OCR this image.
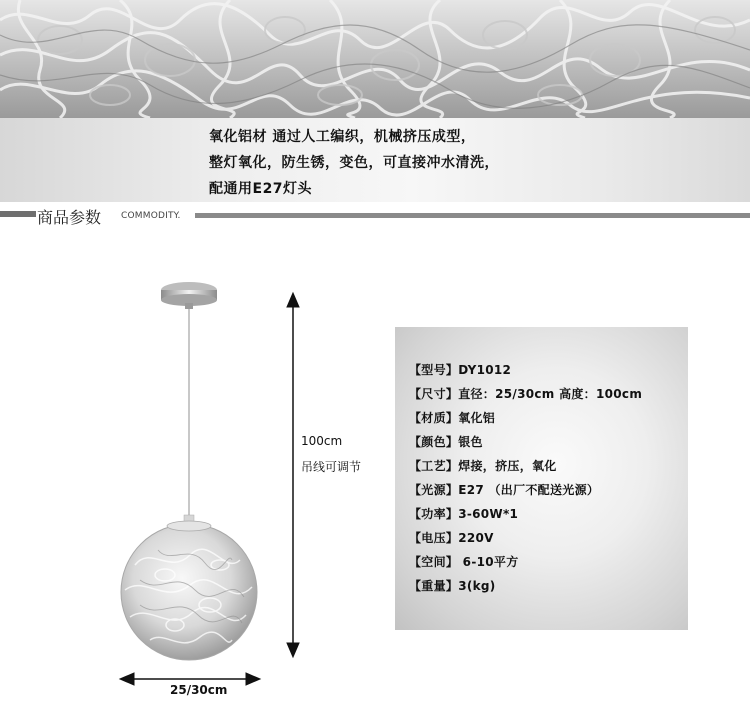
氧化铝材 通过人工编织，机械挤压成型，
整灯氧化，防生锈，变色，可直接冲水清洗，
配通用E27灯头
商品参数 COMMODITY.
100cm
吊线可调节
25/30cm
【型号】DY1012
【尺寸】直径：25/30cm 高度：100cm
【材质】氧化铝
【颜色】银色
【工艺】焊接，挤压，氧化
【光源】E27 （出厂不配送光源）
【功率】3-60W*1
【电压】220V
【空间】 6-10平方
【重量】3(kg)
